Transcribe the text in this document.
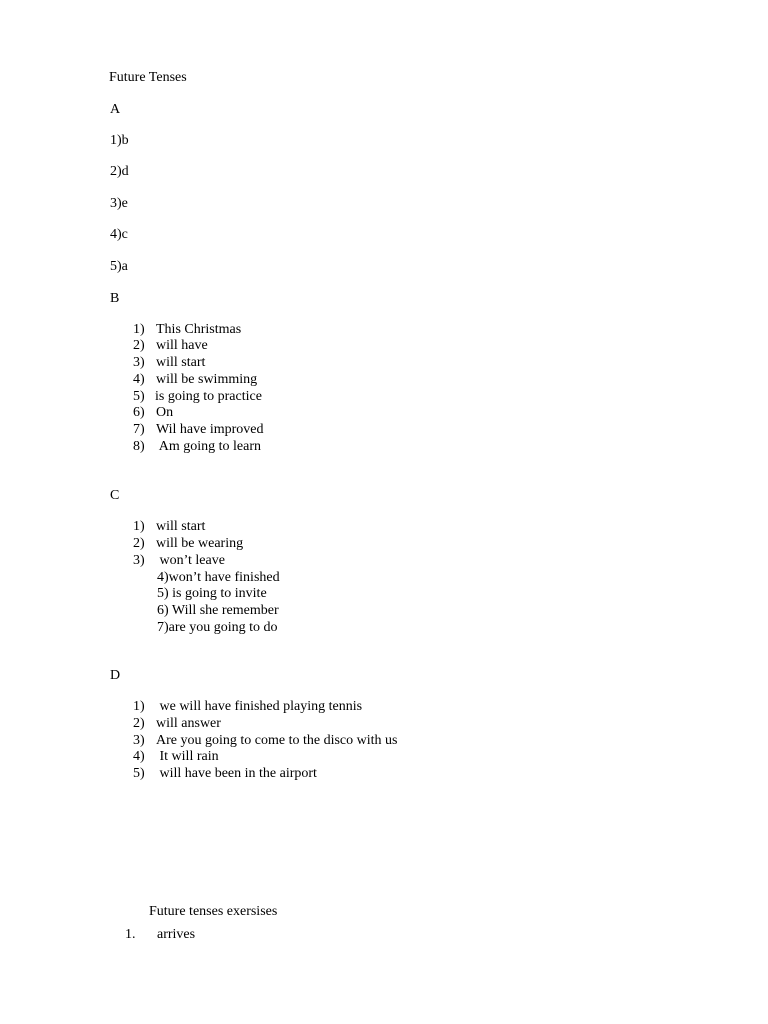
Future Tenses
A
1)b
2)d
3)e
4)c
5)a
B
1) This Christmas
2) will have
3) will start
4) will be swimming
5) is going to practice
6) On
7) Wil have improved
8) Am going to learn
C
1) will start
2) will be wearing
3) won’t leave
4)won’t have finished
5) is going to invite
6) Will she remember
7)are you going to do
D
1) we will have finished playing tennis
2) will answer
3) Are you going to come to the disco with us
4) It will rain
5) will have been in the airport
Future tenses exersises
1. arrives
